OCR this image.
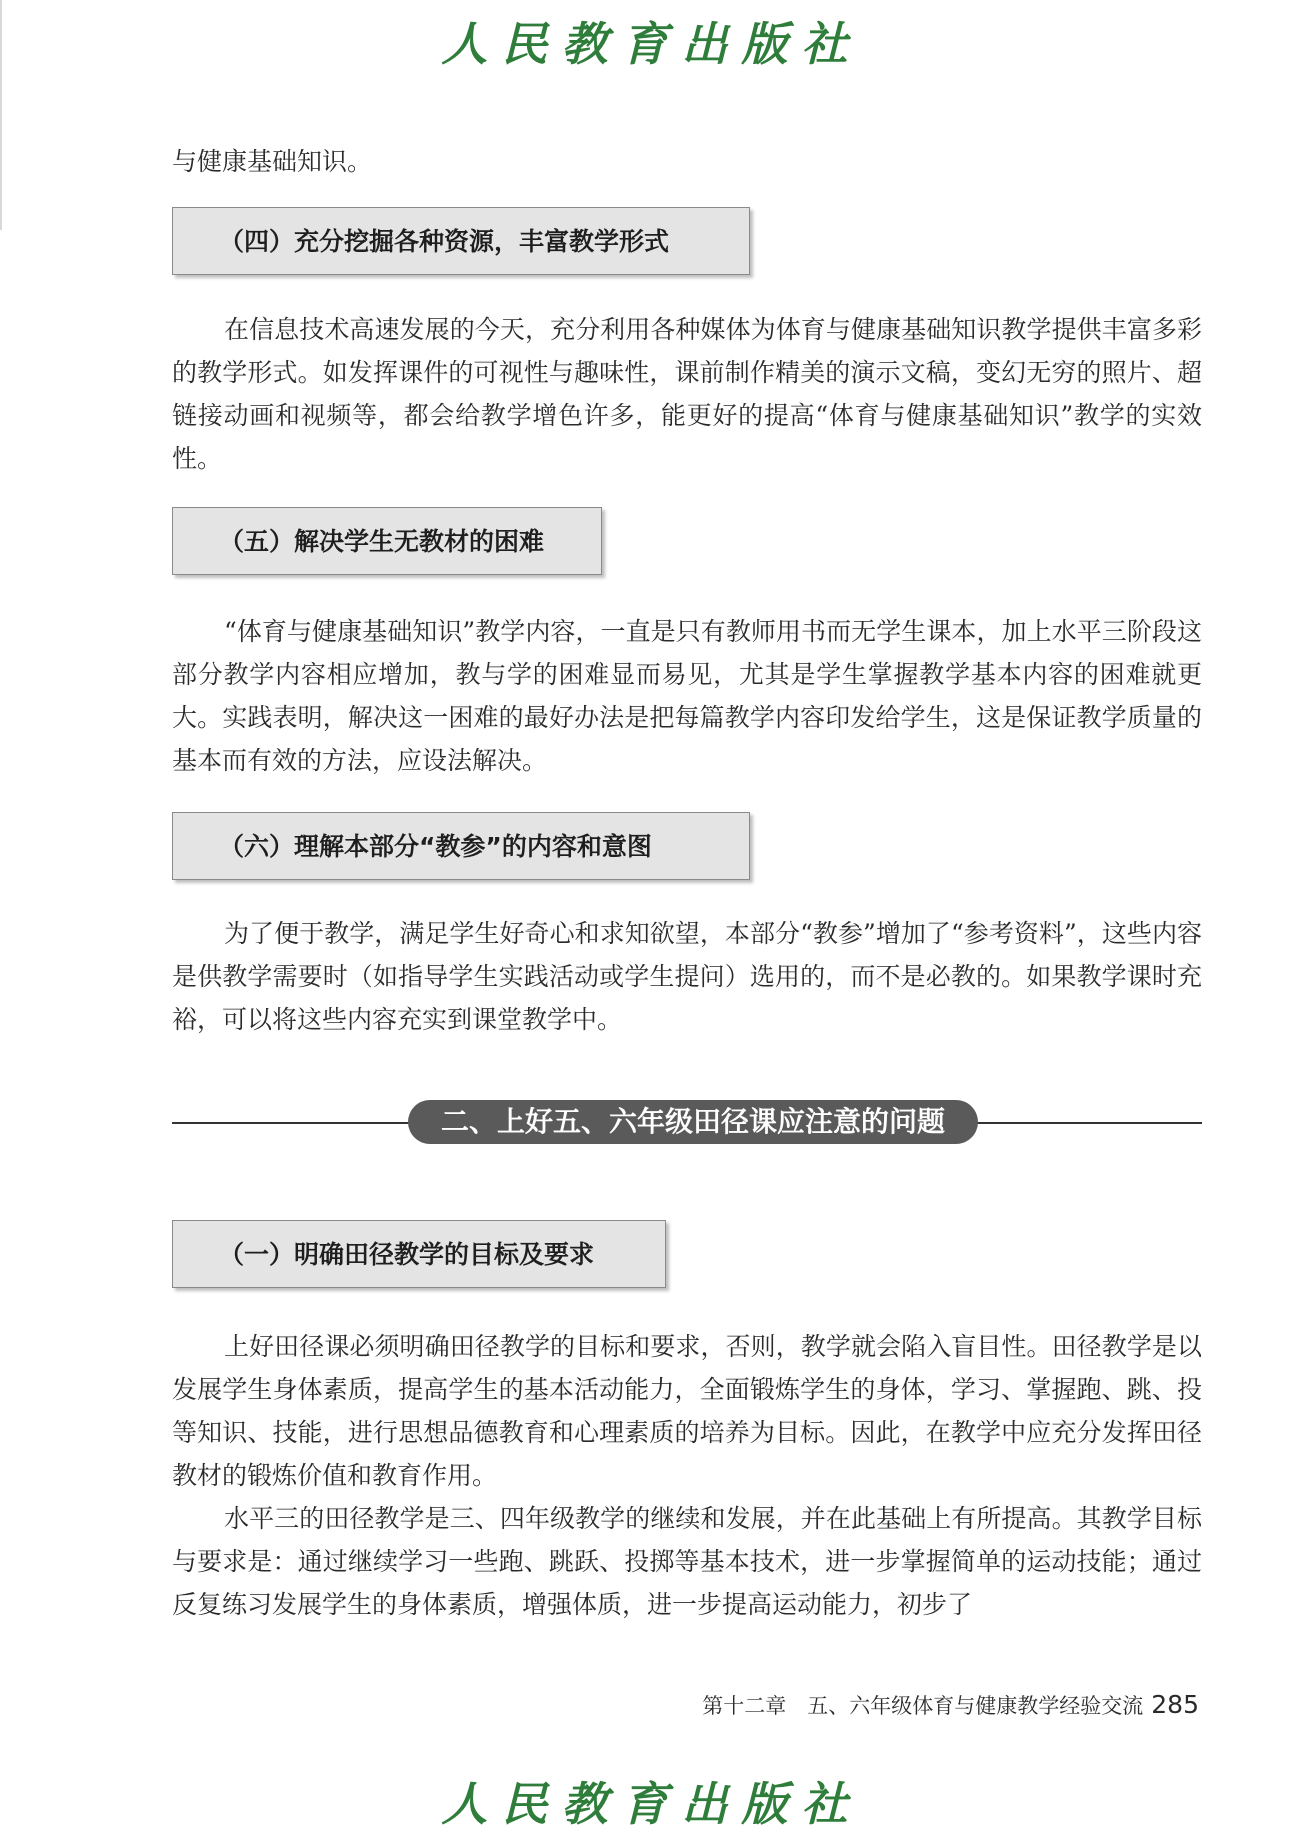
人民教育出版社

与健康基础知识。

（四）充分挖掘各种资源，丰富教学形式

在信息技术高速发展的今天，充分利用各种媒体为体育与健康基础知识教学提供丰富多彩的教学形式。如发挥课件的可视性与趣味性，课前制作精美的演示文稿，变幻无穷的照片、超链接动画和视频等，都会给教学增色许多，能更好的提高“体育与健康基础知识”教学的实效性。

（五）解决学生无教材的困难

“体育与健康基础知识”教学内容，一直是只有教师用书而无学生课本，加上水平三阶段这部分教学内容相应增加，教与学的困难显而易见，尤其是学生掌握教学基本内容的困难就更大。实践表明，解决这一困难的最好办法是把每篇教学内容印发给学生，这是保证教学质量的基本而有效的方法，应设法解决。

（六）理解本部分“教参”的内容和意图

为了便于教学，满足学生好奇心和求知欲望，本部分“教参”增加了“参考资料”，这些内容是供教学需要时（如指导学生实践活动或学生提问）选用的，而不是必教的。如果教学课时充裕，可以将这些内容充实到课堂教学中。

二、上好五、六年级田径课应注意的问题
（一）明确田径教学的目标及要求

上好田径课必须明确田径教学的目标和要求，否则，教学就会陷入盲目性。田径教学是以发展学生身体素质，提高学生的基本活动能力，全面锻炼学生的身体，学习、掌握跑、跳、投等知识、技能，进行思想品德教育和心理素质的培养为目标。因此，在教学中应充分发挥田径教材的锻炼价值和教育作用。

水平三的田径教学是三、四年级教学的继续和发展，并在此基础上有所提高。其教学目标与要求是：通过继续学习一些跑、跳跃、投掷等基本技术，进一步掌握简单的运动技能；通过反复练习发展学生的身体素质，增强体质，进一步提高运动能力，初步了

第十二章　五、六年级体育与健康教学经验交流 285
人民教育出版社
